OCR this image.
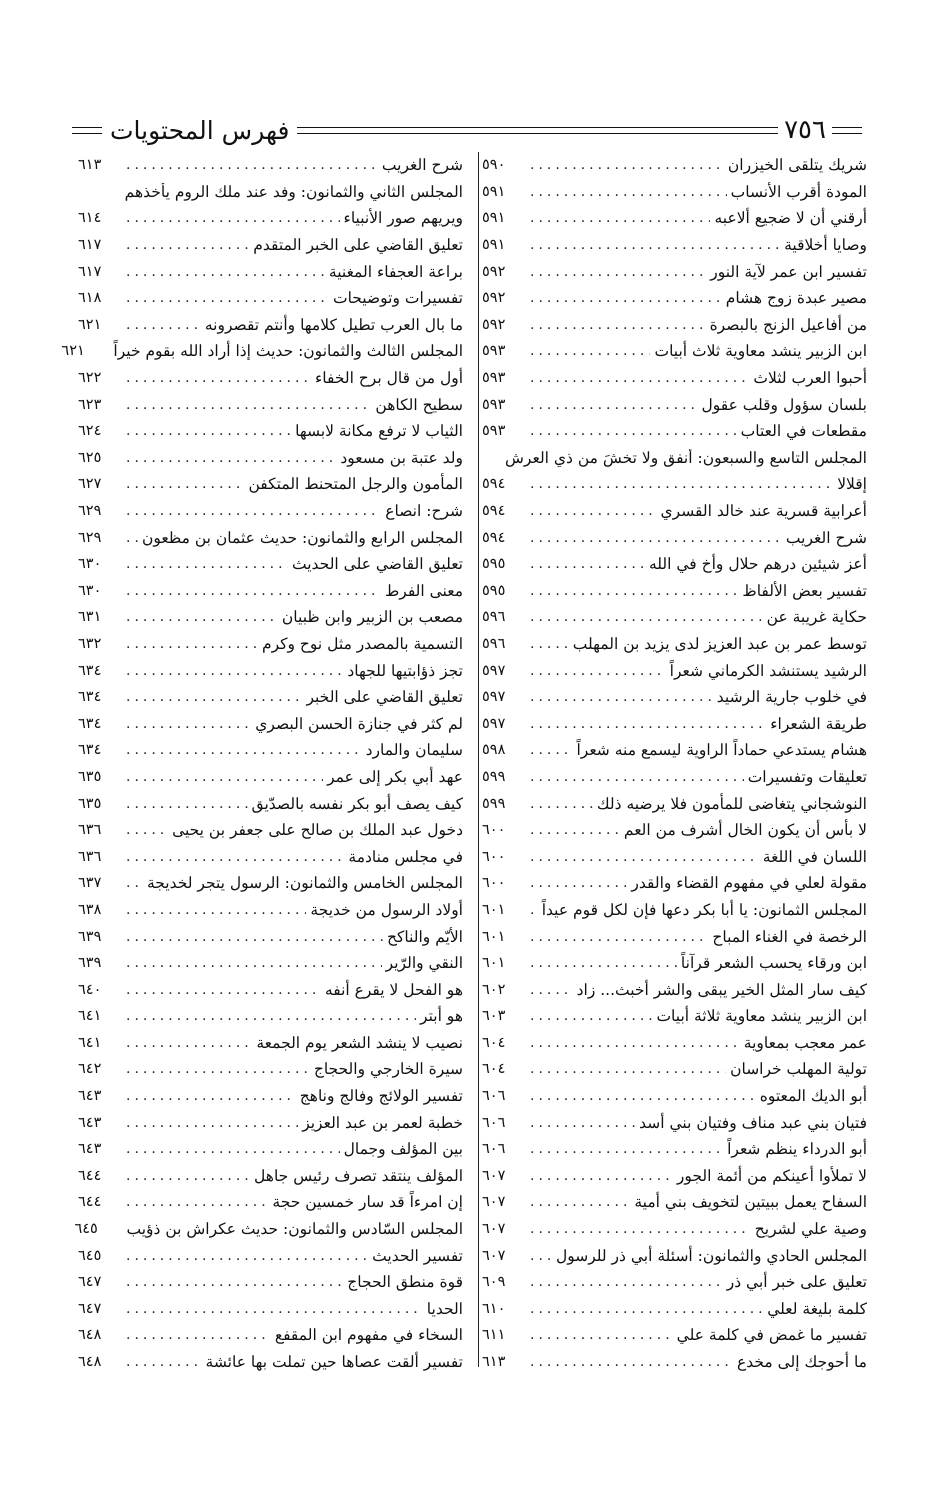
٧٥٦
فهرس المحتويات
شريك يتلقى الخيزران
.....
٥٩٠
المودة أقرب الأنساب
.....
٥٩١
أرقني أن لا ضجيع ألاعبه
.....
٥٩١
وصايا أخلاقية
.....
٥٩١
تفسير ابن عمر لآية النور
.....
٥٩٢
مصير عبدة زوج هشام
.....
٥٩٢
من أفاعيل الزنج بالبصرة
.....
٥٩٢
ابن الزبير ينشد معاوية ثلاث أبيات
.....
٥٩٣
أحبوا العرب لثلاث
.....
٥٩٣
بلسان سؤول وقلب عقول
.....
٥٩٣
مقطعات في العتاب
.....
٥٩٣
المجلس التاسع والسبعون: أنفق ولا تخشَ من ذي العرش
إقلالا
.....
٥٩٤
أعرابية قسرية عند خالد القسري
.....
٥٩٤
شرح الغريب
.....
٥٩٤
أعز شيئين درهم حلال وأخ في الله
.....
٥٩٥
تفسير بعض الألفاظ
.....
٥٩٥
حكاية غريبة عن
.....
٥٩٦
توسط عمر بن عبد العزيز لدى يزيد بن المهلب
.....
٥٩٦
الرشيد يستنشد الكرماني شعراً
.....
٥٩٧
في خلوب جارية الرشيد
.....
٥٩٧
طريقة الشعراء
.....
٥٩٧
هشام يستدعي حماداً الراوية ليسمع منه شعراً
.....
٥٩٨
تعليقات وتفسيرات
.....
٥٩٩
النوشجاني يتغاضى للمأمون فلا يرضيه ذلك
.....
٥٩٩
لا بأس أن يكون الخال أشرف من العم
.....
٦٠٠
اللسان في اللغة
.....
٦٠٠
مقولة لعلي في مفهوم القضاء والقدر
.....
٦٠٠
المجلس الثمانون: يا أبا بكر دعها فإن لكل قوم عيداً
.....
٦٠١
الرخصة في الغناء المباح
.....
٦٠١
ابن ورقاء يحسب الشعر قرآناً
.....
٦٠١
كيف سار المثل الخير يبقى والشر أخبث... زاد
.....
٦٠٢
ابن الزبير ينشد معاوية ثلاثة أبيات
.....
٦٠٣
عمر معجب بمعاوية
.....
٦٠٤
تولية المهلب خراسان
.....
٦٠٤
أبو الديك المعتوه
.....
٦٠٦
فتيان بني عبد مناف وفتيان بني أسد
.....
٦٠٦
أبو الدرداء ينظم شعراً
.....
٦٠٦
لا تملأوا أعينكم من أئمة الجور
.....
٦٠٧
السفاح يعمل ببيتين لتخويف بني أمية
.....
٦٠٧
وصية علي لشريح
.....
٦٠٧
المجلس الحادي والثمانون: أسئلة أبي ذر للرسول
.....
٦٠٧
تعليق على خبر أبي ذر
.....
٦٠٩
كلمة بليغة لعلي
.....
٦١٠
تفسير ما غمض في كلمة علي
.....
٦١١
ما أحوجك إلى مخدع
.....
٦١٣
شرح الغريب
.....
٦١٣
المجلس الثاني والثمانون: وفد عند ملك الروم يأخذهم
ويريهم صور الأنبياء
.....
٦١٤
تعليق القاضي على الخبر المتقدم
.....
٦١٧
براعة العجفاء المغنية
.....
٦١٧
تفسيرات وتوضيحات
.....
٦١٨
ما بال العرب تطيل كلامها وأنتم تقصرونه
.....
٦٢١
المجلس الثالث والثمانون: حديث إذا أراد الله بقوم خيراً
٦٢١
أول من قال برح الخفاء
.....
٦٢٢
سطيح الكاهن
.....
٦٢٣
الثياب لا ترفع مكانة لابسها
.....
٦٢٤
ولد عتبة بن مسعود
.....
٦٢٥
المأمون والرجل المتحنط المتكفن
.....
٦٢٧
شرح: انصاع
.....
٦٢٩
المجلس الرابع والثمانون: حديث عثمان بن مظعون
.....
٦٢٩
تعليق القاضي على الحديث
.....
٦٣٠
معنى الفرط
.....
٦٣٠
مصعب بن الزبير وابن ظبيان
.....
٦٣١
التسمية بالمصدر مثل نوح وكرم
.....
٦٣٢
تجز ذؤابتيها للجهاد
.....
٦٣٤
تعليق القاضي على الخبر
.....
٦٣٤
لم كثر في جنازة الحسن البصري
.....
٦٣٤
سليمان والمارد
.....
٦٣٤
عهد أبي بكر إلى عمر
.....
٦٣٥
كيف يصف أبو بكر نفسه بالصدّيق
.....
٦٣٥
دخول عبد الملك بن صالح على جعفر بن يحيى
.....
٦٣٦
في مجلس منادمة
.....
٦٣٦
المجلس الخامس والثمانون: الرسول يتجر لخديجة
.....
٦٣٧
أولاد الرسول من خديجة
.....
٦٣٨
الأيّم والناكح
.....
٦٣٩
النقي والرّير
.....
٦٣٩
هو الفحل لا يقرع أنفه
.....
٦٤٠
هو أبتر
.....
٦٤١
نصيب لا ينشد الشعر يوم الجمعة
.....
٦٤١
سيرة الخارجي والحجاج
.....
٦٤٢
تفسير الولائج وفالج وناهج
.....
٦٤٣
خطبة لعمر بن عبد العزيز
.....
٦٤٣
بين المؤلف وجمال
.....
٦٤٣
المؤلف ينتقد تصرف رئيس جاهل
.....
٦٤٤
إن امرءاً قد سار خمسين حجة
.....
٦٤٤
المجلس السّادس والثمانون: حديث عكراش بن ذؤيب
٦٤٥
تفسير الحديث
.....
٦٤٥
قوة منطق الحجاج
.....
٦٤٧
الحديا
.....
٦٤٧
السخاء في مفهوم ابن المقفع
.....
٦٤٨
تفسير ألقت عصاها حين تملت بها عائشة
.....
٦٤٨
